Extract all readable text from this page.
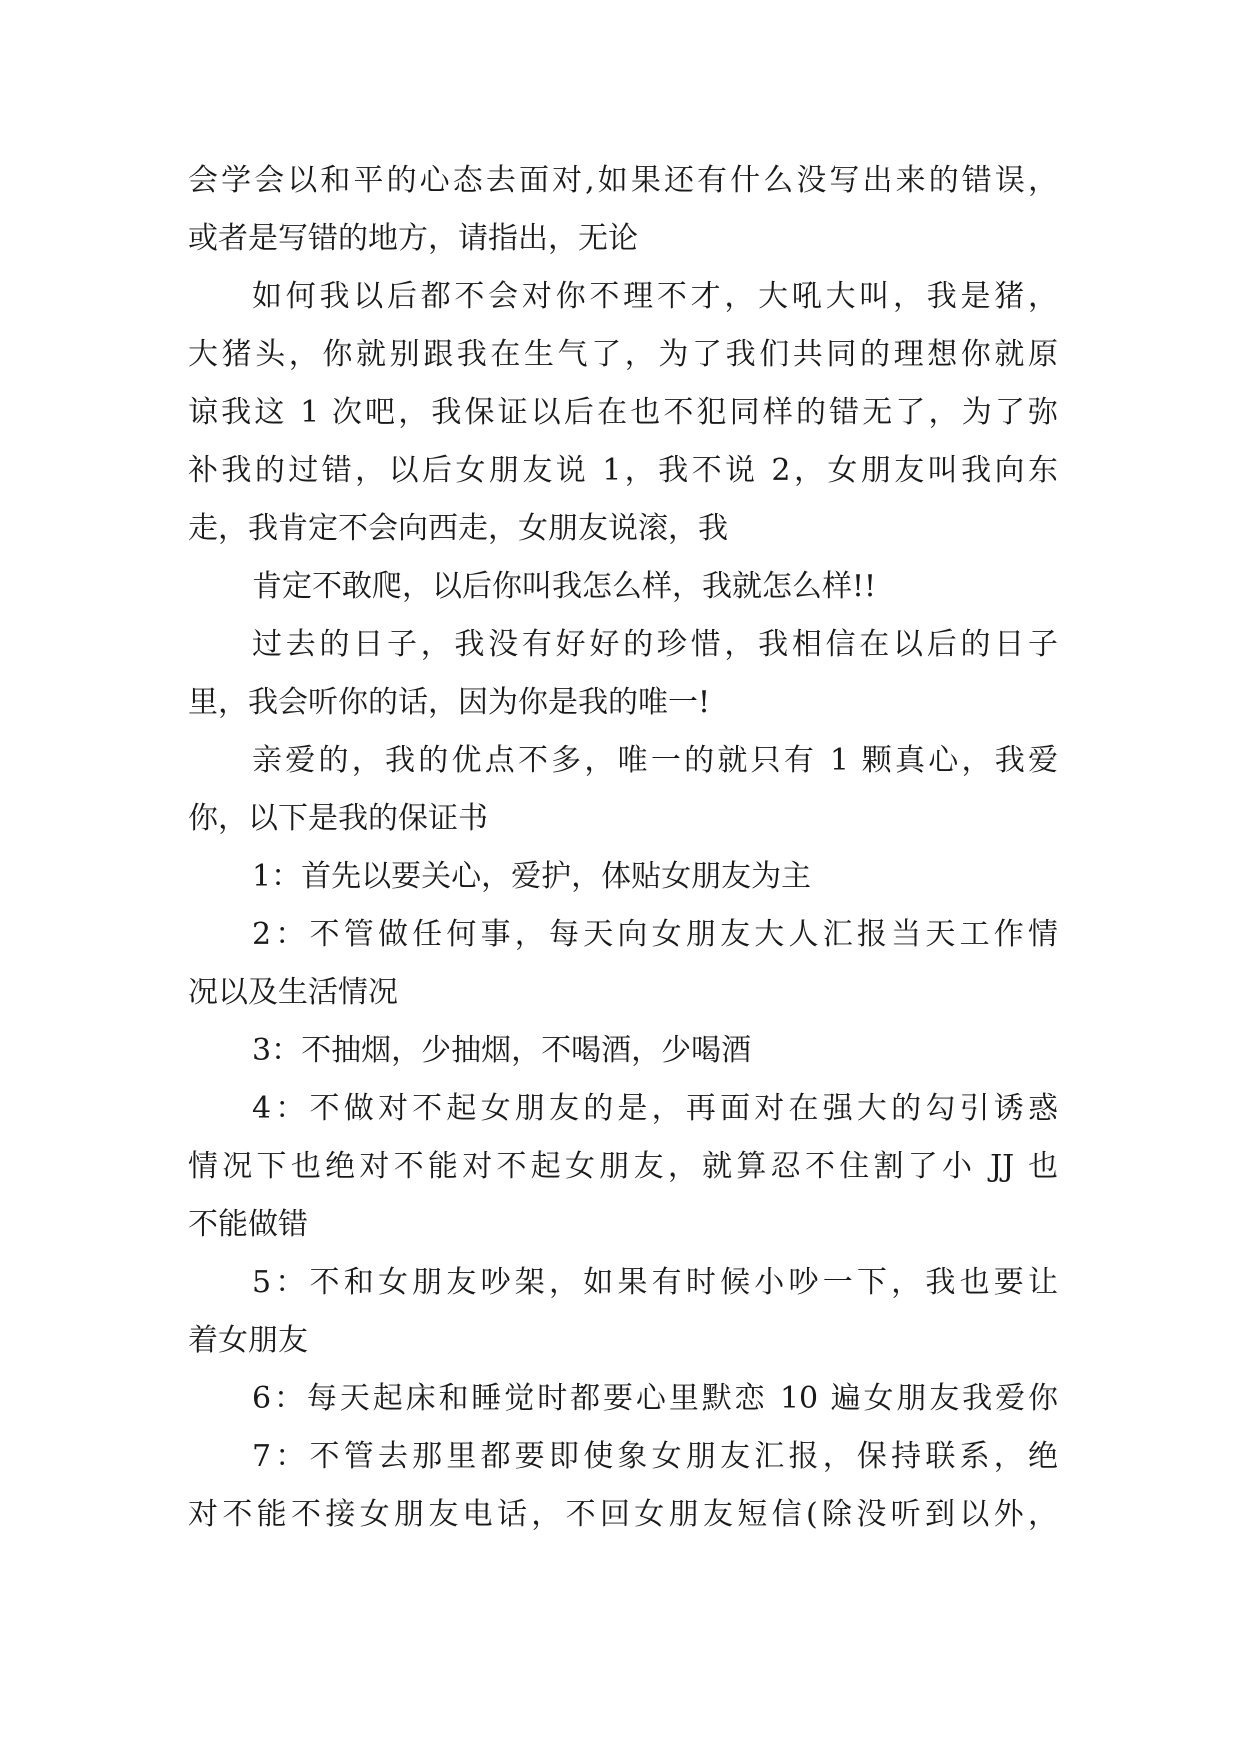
会学会以和平的心态去面对,如果还有什么没写出来的错误，
或者是写错的地方，请指出，无论
如何我以后都不会对你不理不才，大吼大叫，我是猪，
大猪头，你就别跟我在生气了，为了我们共同的理想你就原
谅我这 1 次吧，我保证以后在也不犯同样的错无了，为了弥
补我的过错，以后女朋友说 1，我不说 2，女朋友叫我向东
走，我肯定不会向西走，女朋友说滚，我
肯定不敢爬，以后你叫我怎么样，我就怎么样!!
过去的日子，我没有好好的珍惜，我相信在以后的日子
里，我会听你的话，因为你是我的唯一!
亲爱的，我的优点不多，唯一的就只有 1 颗真心，我爱
你，以下是我的保证书
1：首先以要关心，爱护，体贴女朋友为主
2：不管做任何事，每天向女朋友大人汇报当天工作情
况以及生活情况
3：不抽烟，少抽烟，不喝酒，少喝酒
4：不做对不起女朋友的是，再面对在强大的勾引诱惑
情况下也绝对不能对不起女朋友，就算忍不住割了小 JJ 也
不能做错
5：不和女朋友吵架，如果有时候小吵一下，我也要让
着女朋友
6：每天起床和睡觉时都要心里默恋 10 遍女朋友我爱你
7：不管去那里都要即使象女朋友汇报，保持联系，绝
对不能不接女朋友电话，不回女朋友短信(除没听到以外，
